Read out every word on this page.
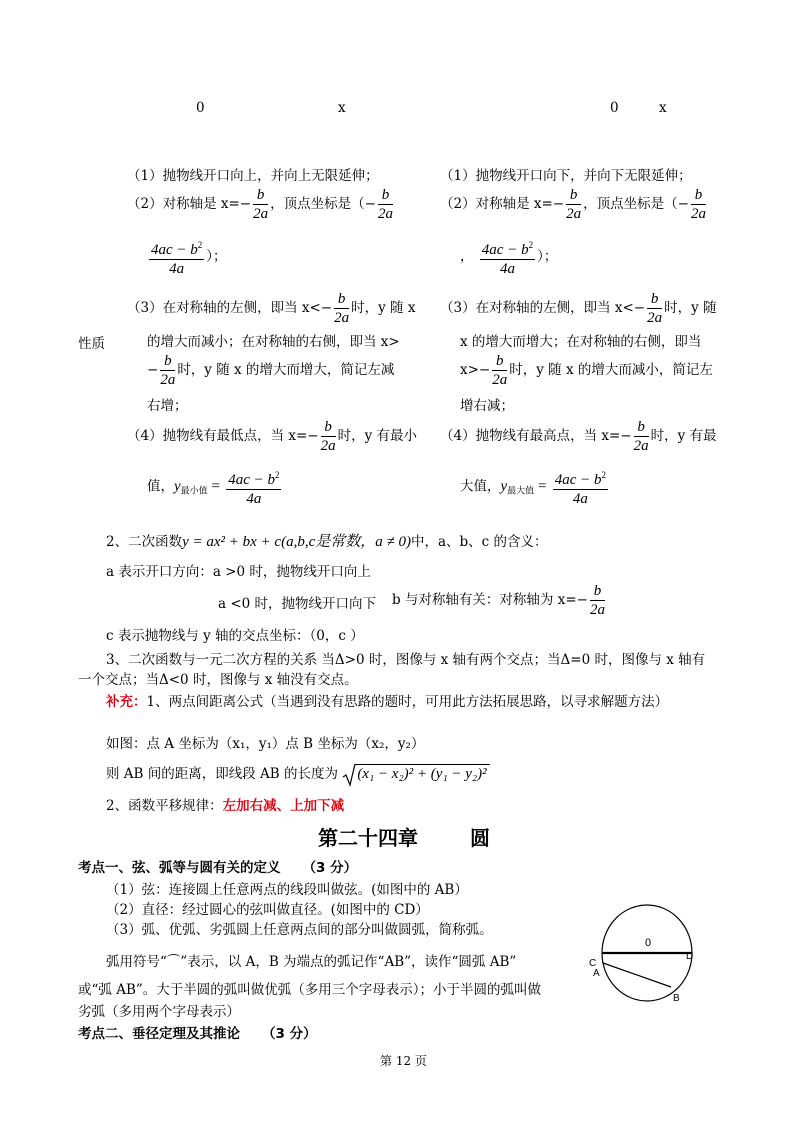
0	x	0	x
性质
（1）抛物线开口向上，并向上无限延伸；
（2）对称轴是 $x=- \frac{b}{2a}$ ，顶点坐标是（− $\frac{b}{2a}$
$\frac{4ac - b^2}{4a}$ ）；
（3）在对称轴的左侧，即当 $x<- \frac{b}{2a}$ 时，y 随 x
的增大而减小；在对称轴的右侧，即当 x>
− $\frac{b}{2a}$ 时，y 随 x 的增大而增大，简记左减
右增；
（4）抛物线有最低点，当 $x=- \frac{b}{2a}$ 时，y 有最小
值，$y_{最小值} = \frac{4ac - b^2}{4a}$
（1）抛物线开口向下，并向下无限延伸；
（2）对称轴是 $x=- \frac{b}{2a}$ ，顶点坐标是（− $\frac{b}{2a}$
， $\frac{4ac - b^2}{4a}$ ）；
（3）在对称轴的左侧，即当 $x<- \frac{b}{2a}$ 时，y 随
x 的增大而增大；在对称轴的右侧，即当
$x>- \frac{b}{2a}$ 时，y 随 x 的增大而减小，简记左
增右减；
（4）抛物线有最高点，当 $x=- \frac{b}{2a}$ 时，y 有最
大值，$y_{最大值} = \frac{4ac - b^2}{4a}$
2、二次函数y = ax² + bx + c(a,b,c是常数，a ≠ 0)中，a、b、c 的含义：
a 表示开口方向：a >0 时，抛物线开口向上
a <0 时，抛物线开口向下 b 与对称轴有关：对称轴为 $x=- \frac{b}{2a}$
c 表示抛物线与 y 轴的交点坐标：（0，c ）
3、二次函数与一元二次方程的关系 当Δ>0 时，图像与 x 轴有两个交点；当Δ=0 时，图像与 x 轴有
一个交点；当Δ<0 时，图像与 x 轴没有交点。
补充：1、两点间距离公式（当遇到没有思路的题时，可用此方法拓展思路，以寻求解题方法）
如图：点 A 坐标为（x₁，y₁）点 B 坐标为（x₂，y₂）
则 AB 间的距离，即线段 AB 的长度为 (x₁ − x₂)² + (y₁ − y₂)²
2、函数平移规律：左加右减、上加下减
第二十四章	圆
考点一、弦、弧等与圆有关的定义 （3 分）
（1）弦：连接圆上任意两点的线段叫做弦。(如图中的 AB）
（2）直径：经过圆心的弦叫做直径。(如图中的 CD）
（3）弧、优弧、劣弧圆上任意两点间的部分叫做圆弧，简称弧。
弧用符号“⌒”表示，以 A，B 为端点的弧记作“AB”，读作“圆弧 AB”
或“弧 AB”。大于半圆的弧叫做优弧（多用三个字母表示）；小于半圆的弧叫做
劣弧（多用两个字母表示）
0
C
A
D
B
考点二、垂径定理及其推论 （3 分）
第 12 页
